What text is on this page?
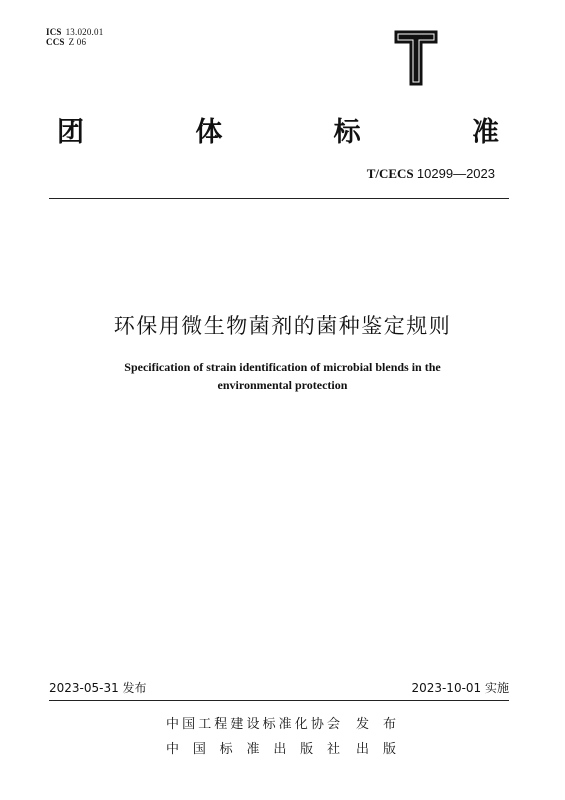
ICS 13.020.01
CCS Z 06
团	体	标	准
T/CECS 10299—2023
环保用微生物菌剂的菌种鉴定规则
Specification of strain identification of microbial blends in the
environmental protection
2023-05-31 发布	2023-10-01 实施
中 国 工 程 建 设 标 准 化 协 会 发 布
中 国 标 准 出 版 社 出 版
